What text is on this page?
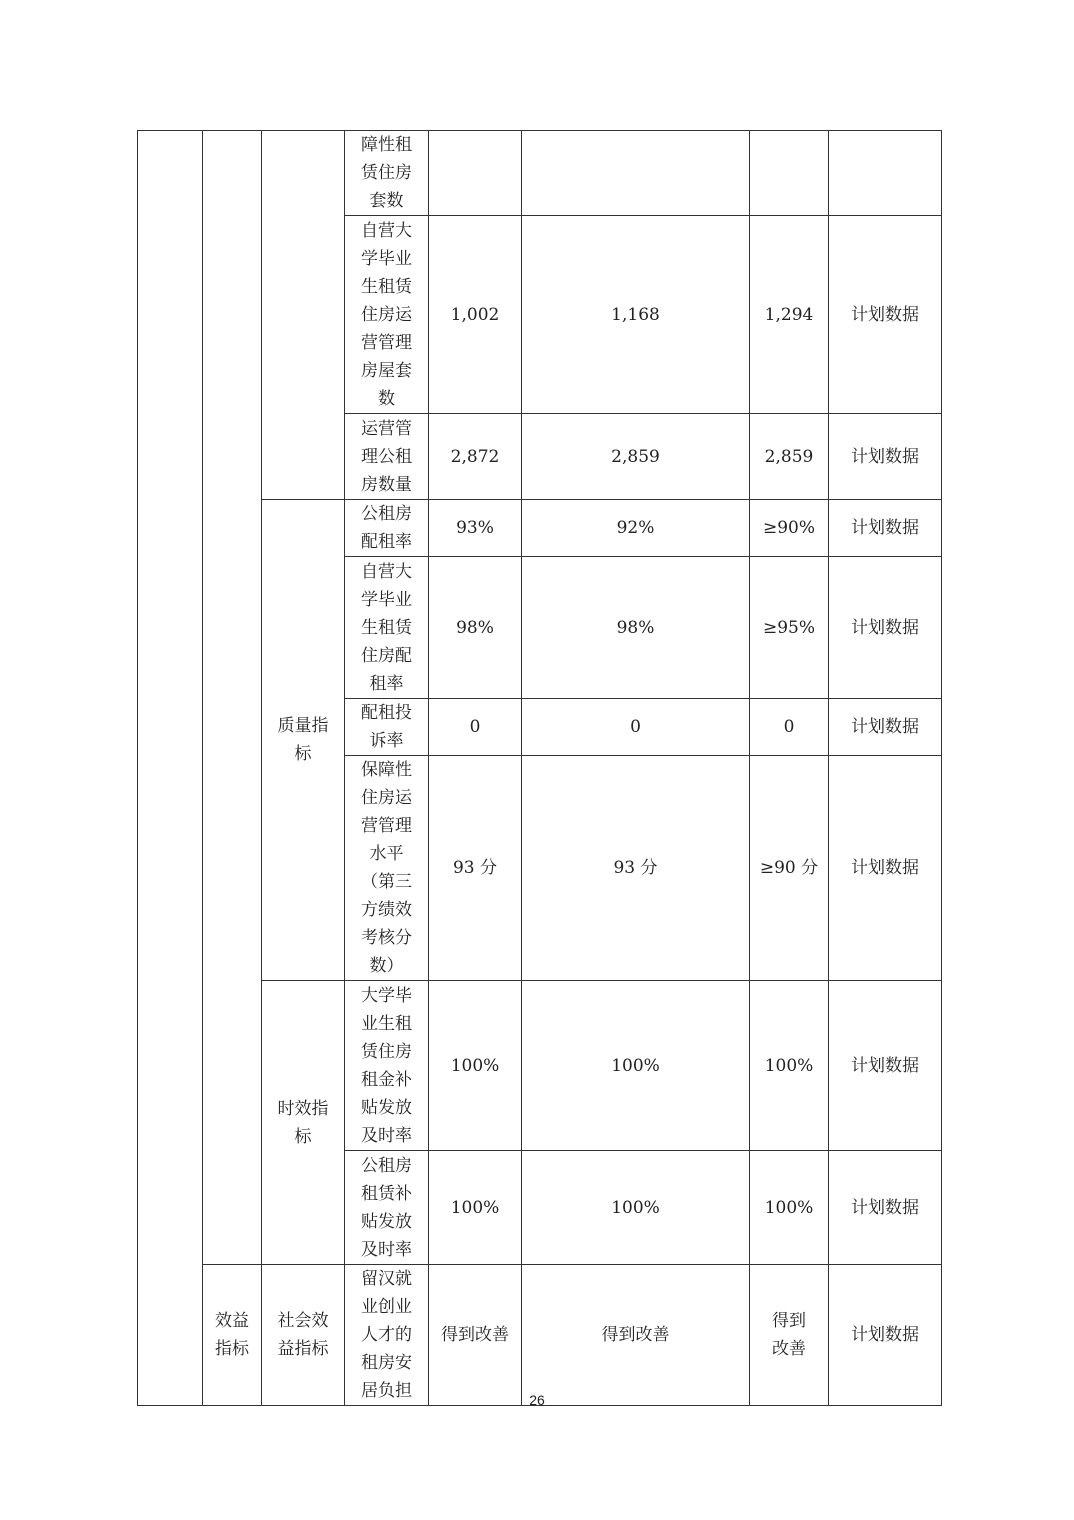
			障性租赁住房套数				
			自营大学毕业生租赁住房运营管理房屋套数	1,002	1,168	1,294	计划数据
			运营管理公租房数量	2,872	2,859	2,859	计划数据
		质量指标	公租房配租率	93%	92%	≥90%	计划数据
			自营大学毕业生租赁住房配租率	98%	98%	≥95%	计划数据
			配租投诉率	0	0	0	计划数据
			保障性住房运营管理水平（第三方绩效考核分数）	93 分	93 分	≥90 分	计划数据
		时效指标	大学毕业生租赁住房租金补贴发放及时率	100%	100%	100%	计划数据
			公租房租赁补贴发放及时率	100%	100%	100%	计划数据
	效益指标	社会效益指标	留汉就业创业人才的租房安居负担	得到改善	得到改善	得到改善	计划数据
26
